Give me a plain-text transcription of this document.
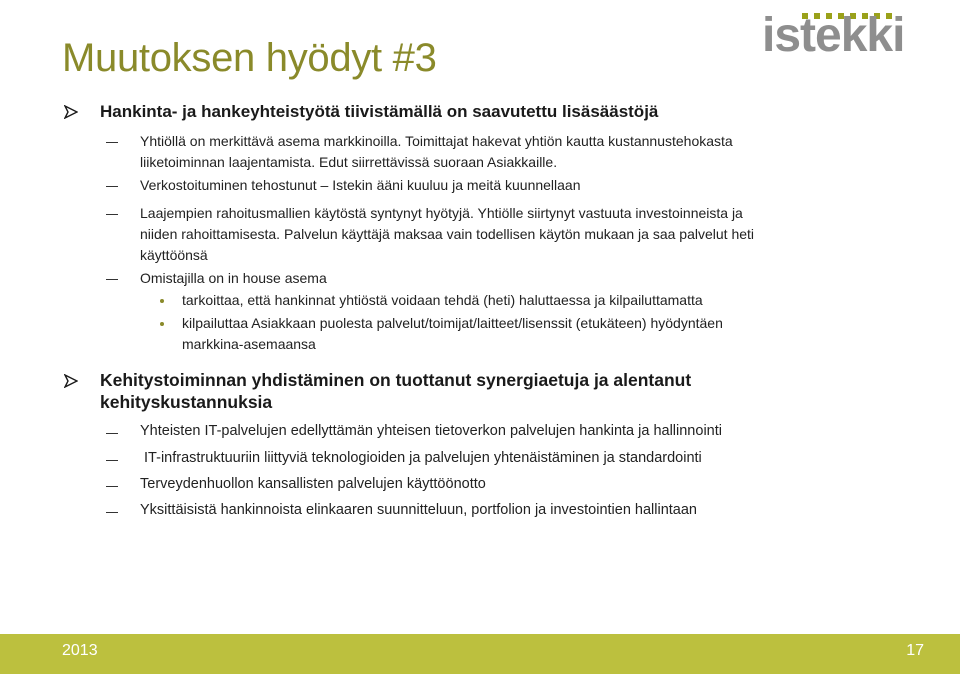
Muutoksen hyödyt #3	istekki
Hankinta- ja hankeyhteistyötä tiivistämällä on saavutettu lisäsäästöjä
Yhtiöllä on merkittävä asema markkinoilla. Toimittajat hakevat yhtiön kautta kustannustehokasta
liiketoiminnan laajentamista. Edut siirrettävissä suoraan Asiakkaille.
Verkostoituminen tehostunut – Istekin ääni kuuluu ja meitä kuunnellaan
Laajempien rahoitusmallien käytöstä syntynyt hyötyjä. Yhtiölle siirtynyt vastuuta investoinneista ja
niiden rahoittamisesta. Palvelun käyttäjä maksaa vain todellisen käytön mukaan ja saa palvelut heti
käyttöönsä
Omistajilla on in house asema
tarkoittaa, että hankinnat yhtiöstä voidaan tehdä (heti) haluttaessa ja kilpailuttamatta
kilpailuttaa Asiakkaan puolesta palvelut/toimijat/laitteet/lisenssit (etukäteen) hyödyntäen
markkina-asemaansa
Kehitystoiminnan yhdistäminen on tuottanut synergiaetuja ja alentanut
kehityskustannuksia
Yhteisten IT-palvelujen edellyttämän yhteisen tietoverkon palvelujen hankinta ja hallinnointi
IT-infrastruktuuriin liittyviä teknologioiden ja palvelujen yhtenäistäminen ja standardointi
Terveydenhuollon kansallisten palvelujen käyttöönotto
Yksittäisistä hankinnoista elinkaaren suunnitteluun, portfolion ja investointien hallintaan
2013	17
